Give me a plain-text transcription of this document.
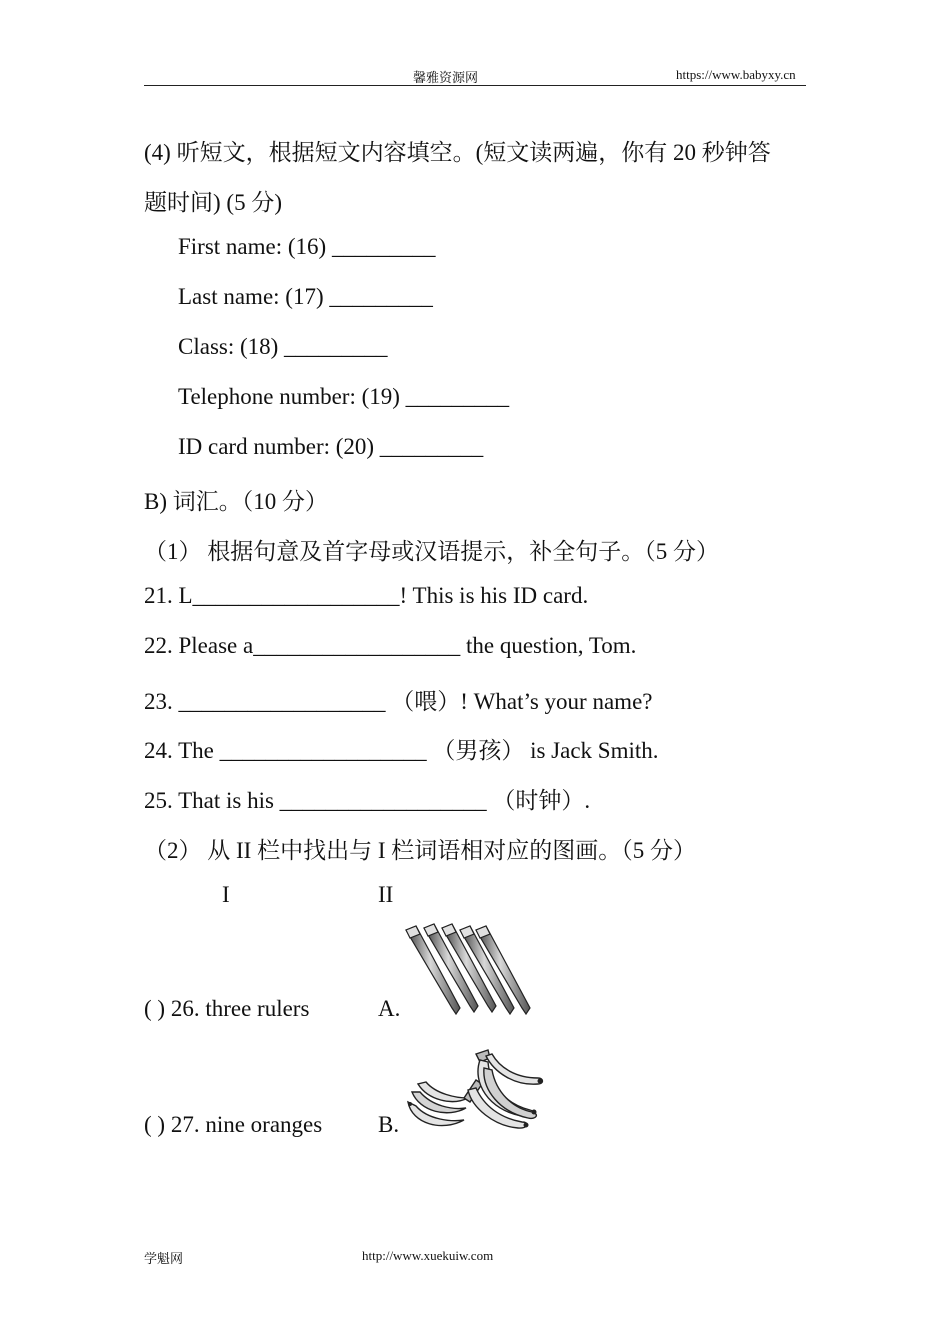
馨雅资源网	https://www.babyxy.cn
(4) 听短文，根据短文内容填空。(短文读两遍，你有 20 秒钟答
题时间) (5 分)
First name: (16) _________
Last name: (17) _________
Class: (18) _________
Telephone number: (19) _________
ID card number: (20) _________
B) 词汇。（10 分）
（1） 根据句意及首字母或汉语提示，补全句子。（5 分）
21. L__________________! This is his ID card.
22. Please a__________________ the question, Tom.
23. __________________ （喂）! What’s your name?
24. The __________________ （男孩） is Jack Smith.
25. That is his __________________ （时钟）.
（2） 从 II 栏中找出与 I 栏词语相对应的图画。（5 分）
I	II
( ) 26. three rulers	A.
( ) 27. nine oranges B.
学魁网	http://www.xuekuiw.com
